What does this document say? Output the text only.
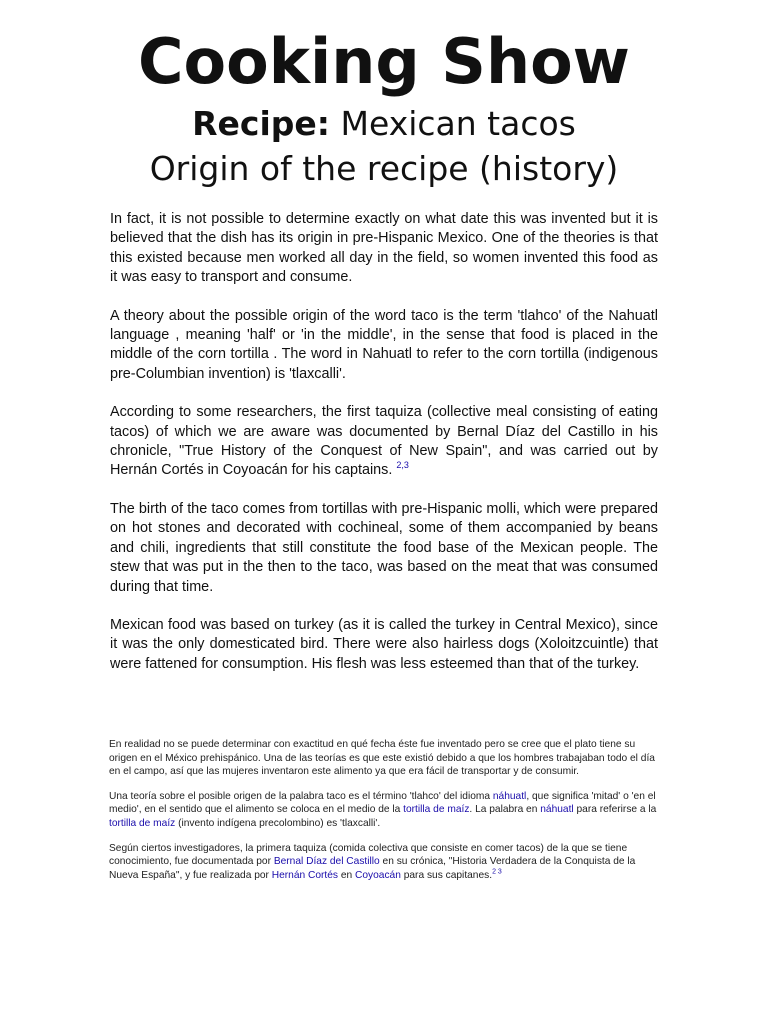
Cooking Show
Recipe: Mexican tacos
Origin of the recipe (history)

In fact, it is not possible to determine exactly on what date this was invented but it is believed that the dish has its origin in pre-Hispanic Mexico. One of the theories is that this existed because men worked all day in the field, so women invented this food as it was easy to transport and consume.

A theory about the possible origin of the word taco is the term 'tlahco' of the Nahuatl language , meaning 'half' or 'in the middle', in the sense that food is placed in the middle of the corn tortilla . The word in Nahuatl to refer to the corn tortilla (indigenous pre-Columbian invention) is 'tlaxcalli'.

According to some researchers, the first taquiza (collective meal consisting of eating tacos) of which we are aware was documented by Bernal Díaz del Castillo in his chronicle, "True History of the Conquest of New Spain", and was carried out by Hernán Cortés in Coyoacán for his captains. $^{2,3}$

The birth of the taco comes from tortillas with pre-Hispanic molli, which were prepared on hot stones and decorated with cochineal, some of them accompanied by beans and chili, ingredients that still constitute the food base of the Mexican people. The stew that was put in the then to the taco, was based on the meat that was consumed during that time.

Mexican food was based on turkey (as it is called the turkey in Central Mexico), since it was the only domesticated bird. There were also hairless dogs (Xoloitzcuintle) that were fattened for consumption. His flesh was less esteemed than that of the turkey.

En realidad no se puede determinar con exactitud en qué fecha éste fue inventado pero se cree que el plato tiene su origen en el México prehispánico. Una de las teorías es que este existió debido a que los hombres trabajaban todo el día en el campo, así que las mujeres inventaron este alimento ya que era fácil de transportar y de consumir.

Una teoría sobre el posible origen de la palabra taco es el término 'tlahco' del idioma náhuatl, que significa 'mitad' o 'en el medio', en el sentido que el alimento se coloca en el medio de la tortilla de maíz. La palabra en náhuatl para referirse a la tortilla de maíz (invento indígena precolombino) es 'tlaxcalli'.

Según ciertos investigadores, la primera taquiza (comida colectiva que consiste en comer tacos) de la que se tiene conocimiento, fue documentada por Bernal Díaz del Castillo en su crónica, "Historia Verdadera de la Conquista de la Nueva España", y fue realizada por Hernán Cortés en Coyoacán para sus capitanes.$^{2 3}$
